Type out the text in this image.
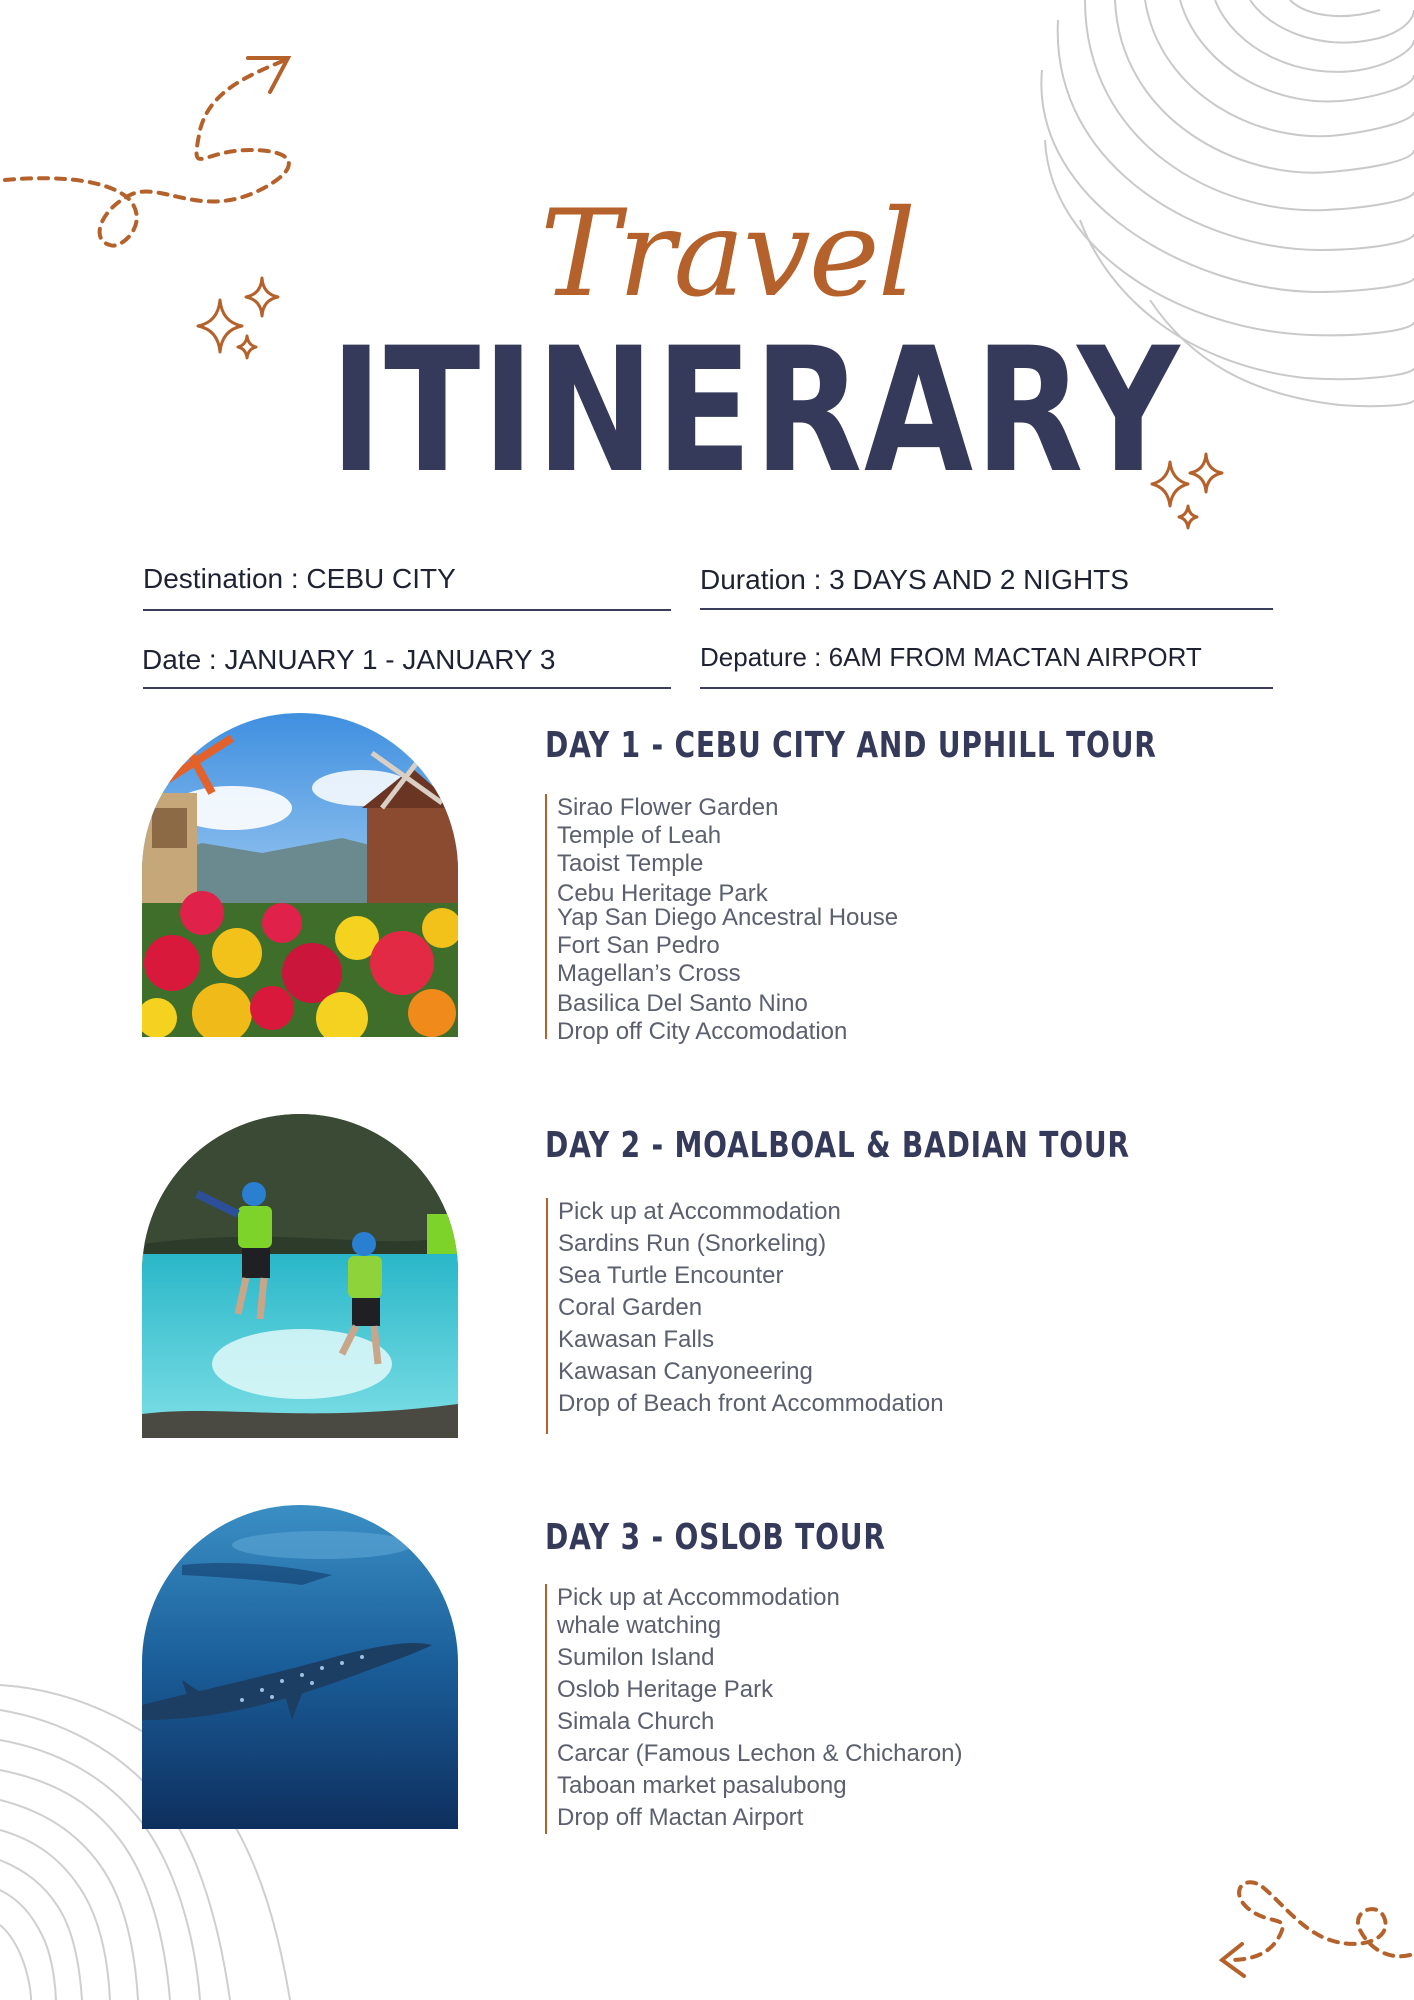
Travel
ITINERARY
Destination : CEBU CITY	Duration : 3 DAYS AND 2 NIGHTS
Date : JANUARY 1 - JANUARY 3	Depature : 6AM FROM MACTAN AIRPORT
DAY 1 - CEBU CITY AND UPHILL TOUR
Sirao Flower Garden
Temple of Leah
Taoist Temple
Cebu Heritage Park
Yap San Diego Ancestral House
Fort San Pedro
Magellan’s Cross
Basilica Del Santo Nino
Drop off City Accomodation
DAY 2 - MOALBOAL & BADIAN TOUR
Pick up at Accommodation
Sardins Run (Snorkeling)
Sea Turtle Encounter
Coral Garden
Kawasan Falls
Kawasan Canyoneering
Drop of Beach front Accommodation
DAY 3 - OSLOB TOUR
Pick up at Accommodation
whale watching
Sumilon Island
Oslob Heritage Park
Simala Church
Carcar (Famous Lechon & Chicharon)
Taboan market pasalubong
Drop off Mactan Airport
